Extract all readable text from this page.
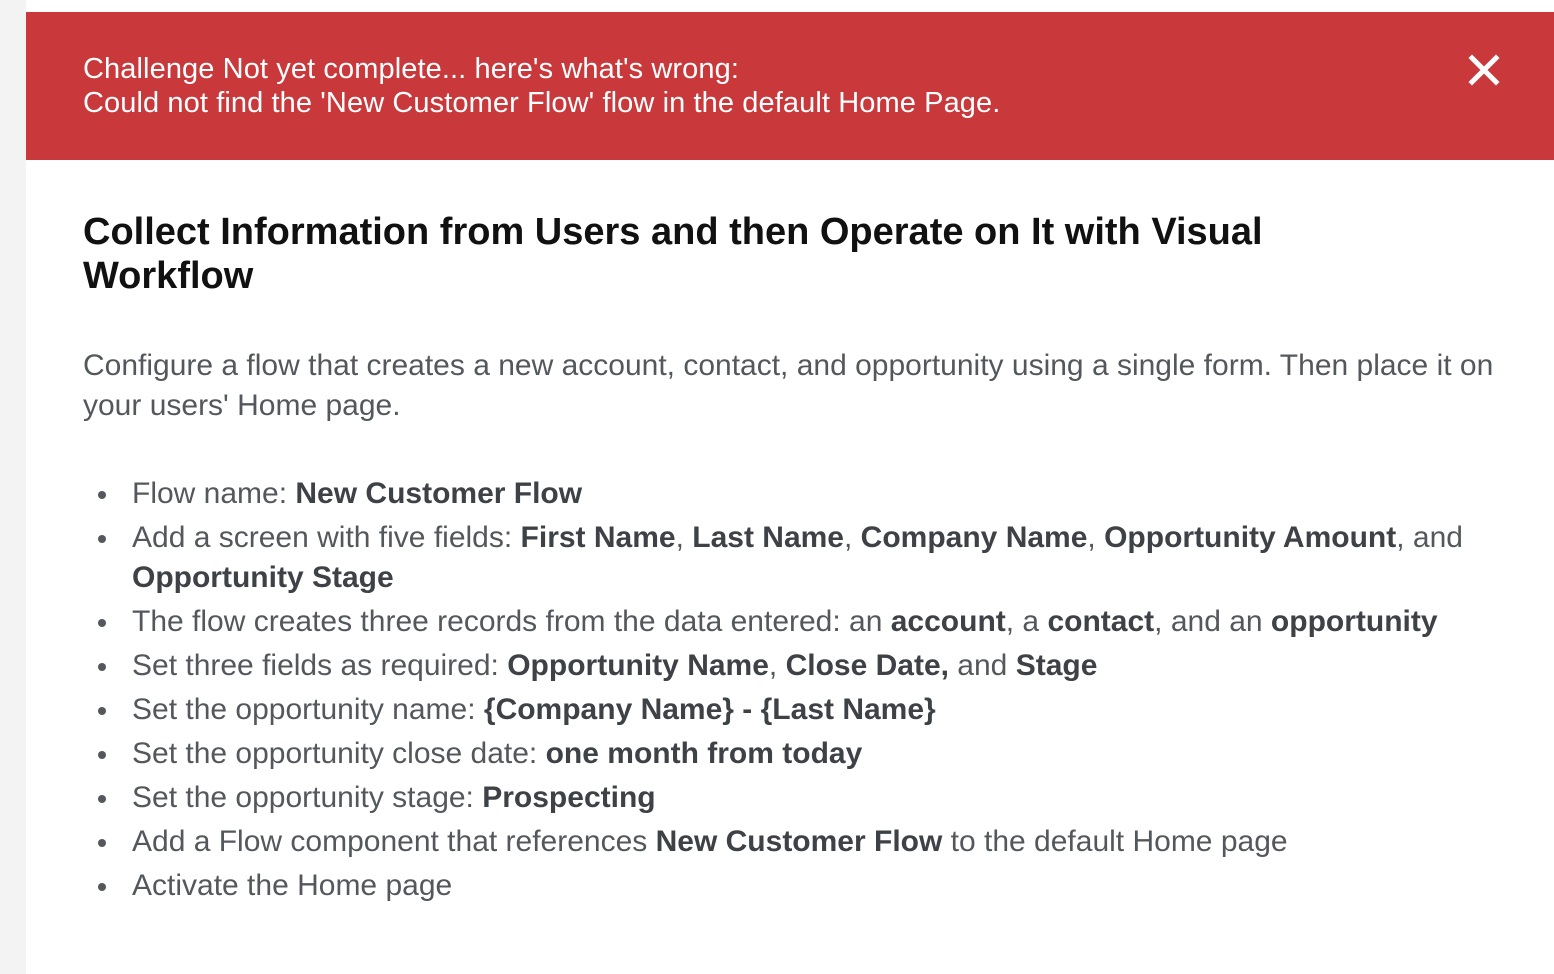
Challenge Not yet complete... here's what's wrong:
Could not find the 'New Customer Flow' flow in the default Home Page.
Collect Information from Users and then Operate on It with Visual Workflow

Configure a flow that creates a new account, contact, and opportunity using a single form. Then place it on your users' Home page.

Flow name: New Customer Flow
Add a screen with five fields: First Name, Last Name, Company Name, Opportunity Amount, and Opportunity Stage
The flow creates three records from the data entered: an account, a contact, and an opportunity
Set three fields as required: Opportunity Name, Close Date, and Stage
Set the opportunity name: {Company Name} - {Last Name}
Set the opportunity close date: one month from today
Set the opportunity stage: Prospecting
Add a Flow component that references New Customer Flow to the default Home page
Activate the Home page
